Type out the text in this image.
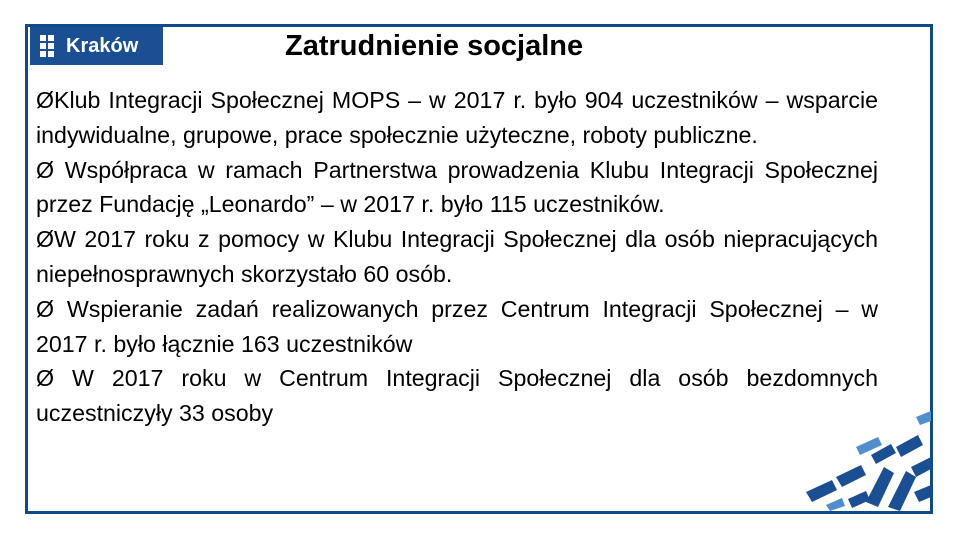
Kraków	Zatrudnienie socjalne

ØKlub Integracji Społecznej MOPS – w 2017 r. było 904 uczestników – wsparcie indywidualne, grupowe, prace społecznie użyteczne, roboty publiczne.

Ø Współpraca w ramach Partnerstwa prowadzenia Klubu Integracji Społecznej przez Fundację „Leonardo” – w 2017 r. było 115 uczestników.

ØW 2017 roku z pomocy w Klubu Integracji Społecznej dla osób niepracujących niepełnosprawnych skorzystało 60 osób.

Ø Wspieranie zadań realizowanych przez Centrum Integracji Społecznej – w 2017 r. było łącznie 163 uczestników

Ø W 2017 roku w Centrum Integracji Społecznej dla osób bezdomnych uczestniczyły 33 osoby
